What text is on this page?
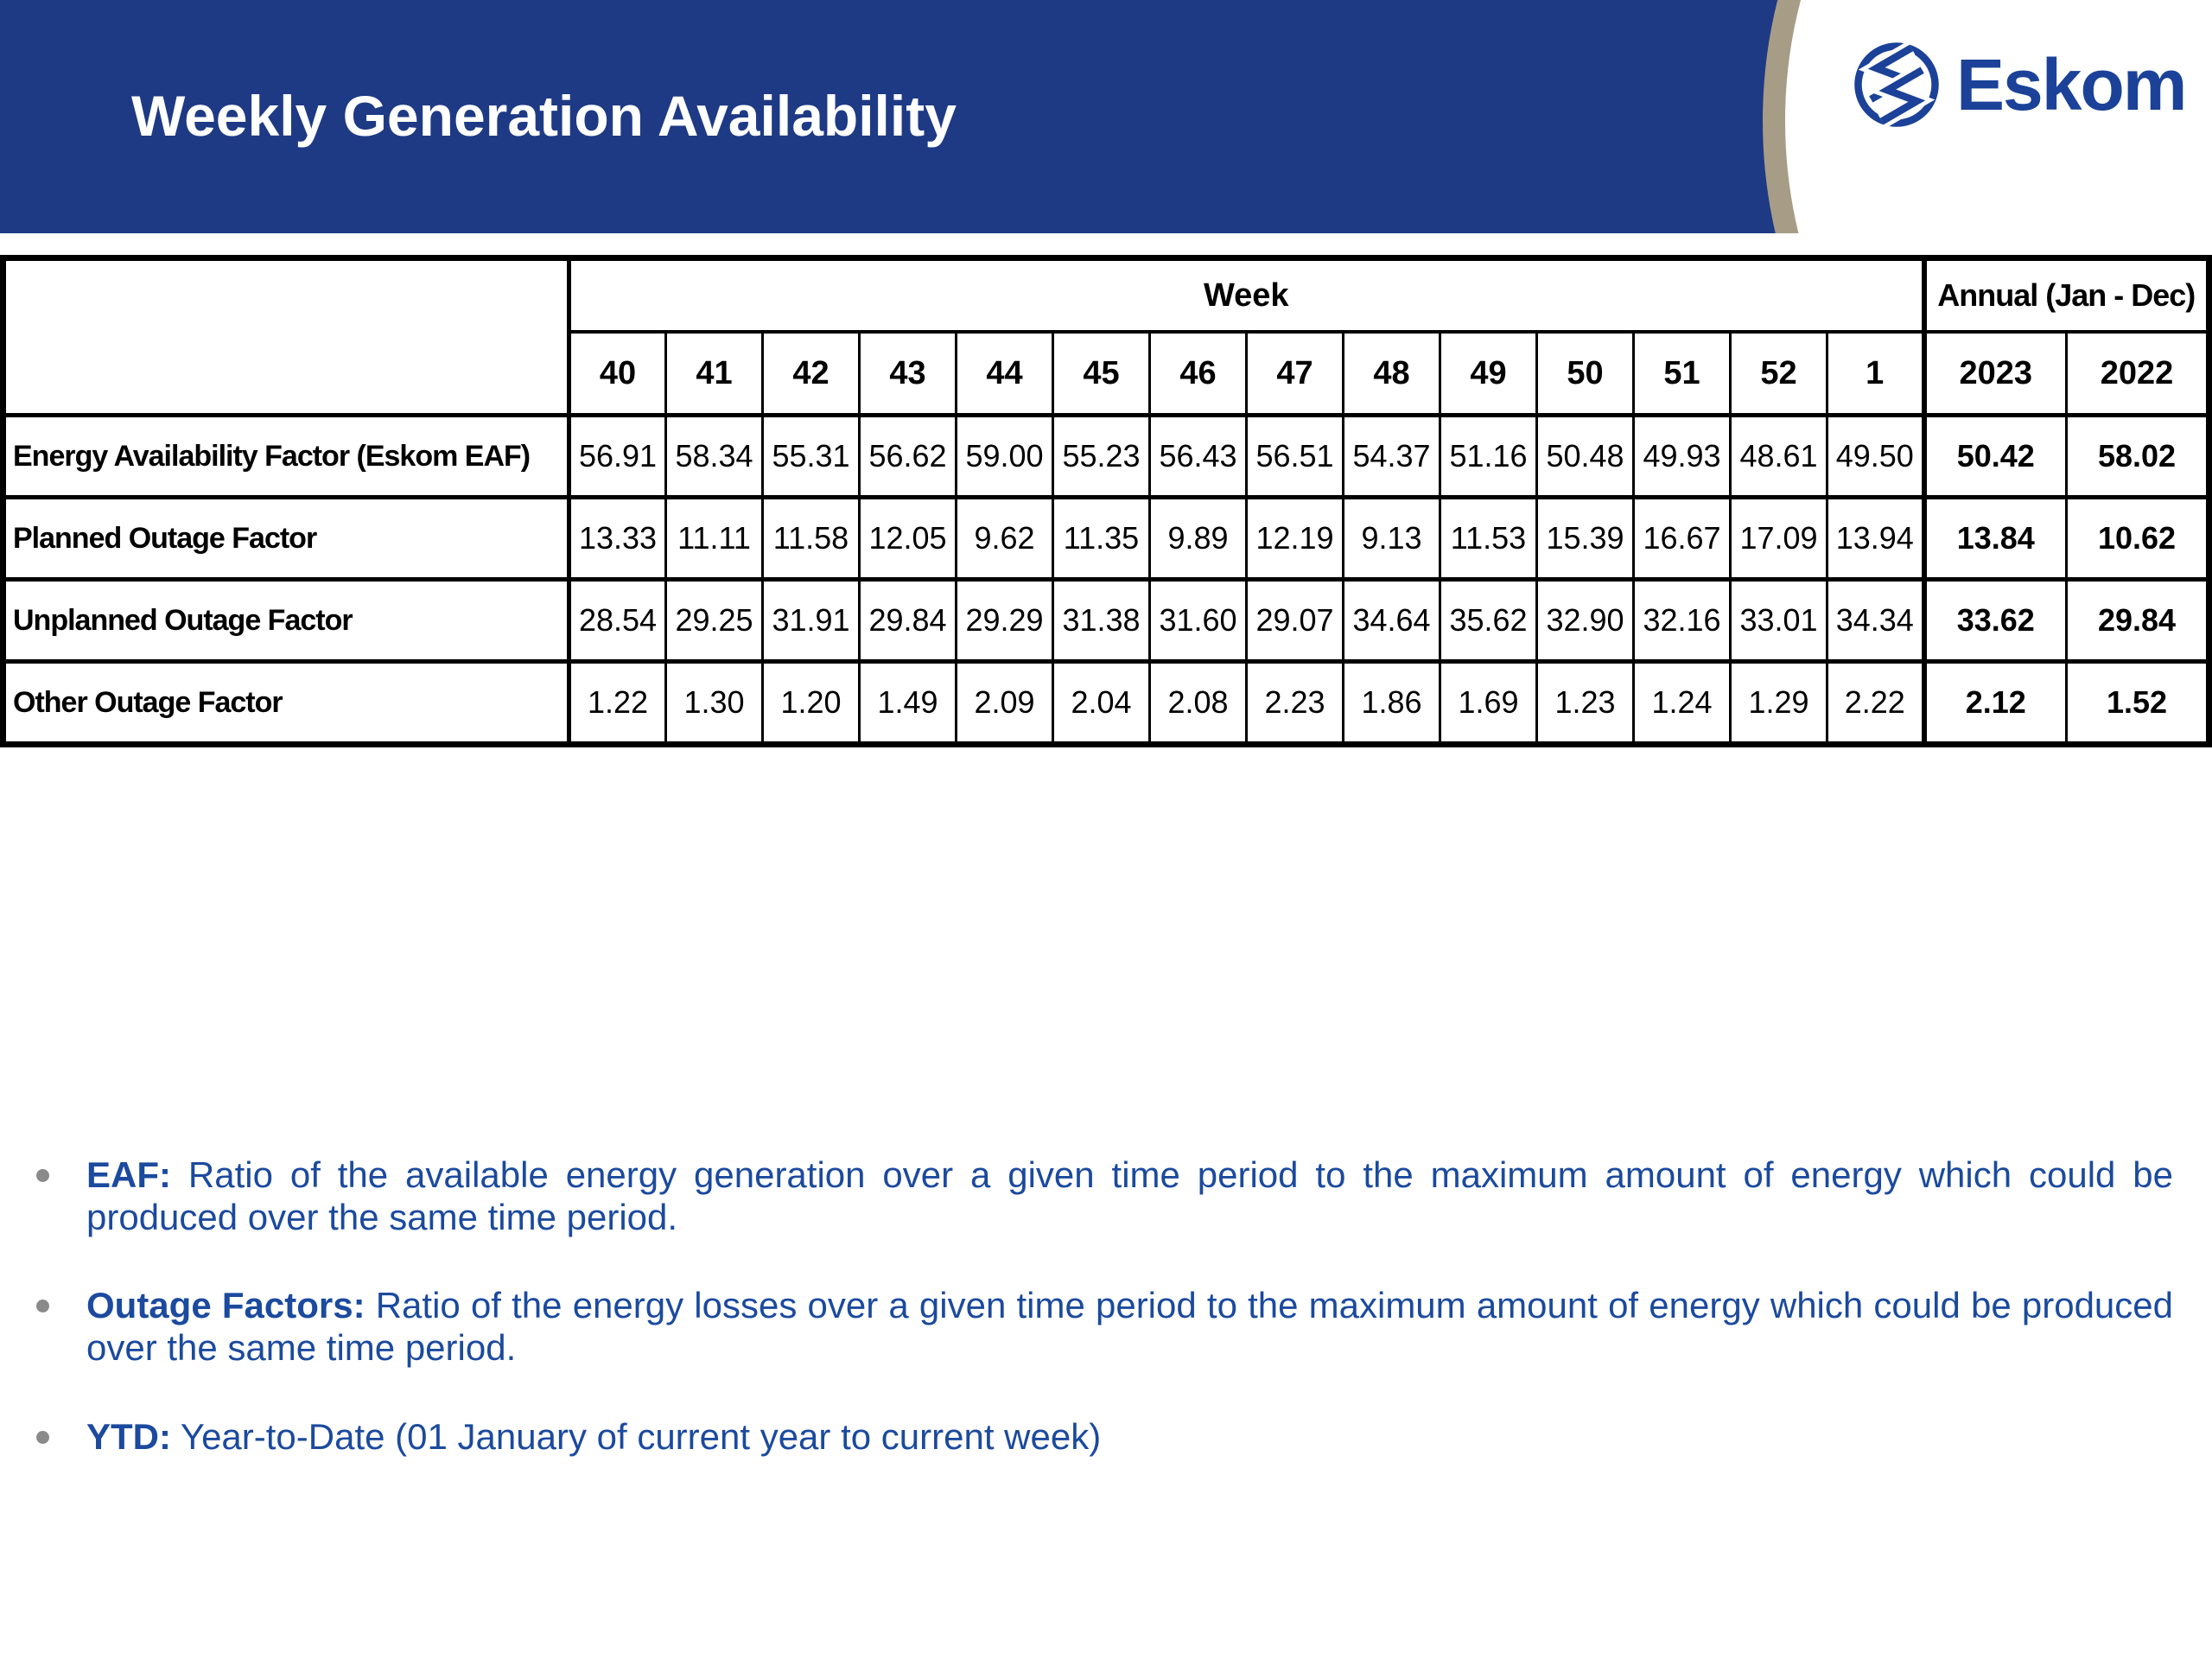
Weekly Generation Availability	Eskom
	Week														Annual (Jan - Dec)	
	40	41	42	43	44	45	46	47	48	49	50	51	52	1	2023	2022
Energy Availability Factor (Eskom EAF)	56.91	58.34	55.31	56.62	59.00	55.23	56.43	56.51	54.37	51.16	50.48	49.93	48.61	49.50	50.42	58.02
Planned Outage Factor	13.33	11.11	11.58	12.05	9.62	11.35	9.89	12.19	9.13	11.53	15.39	16.67	17.09	13.94	13.84	10.62
Unplanned Outage Factor	28.54	29.25	31.91	29.84	29.29	31.38	31.60	29.07	34.64	35.62	32.90	32.16	33.01	34.34	33.62	29.84
Other Outage Factor	1.22	1.30	1.20	1.49	2.09	2.04	2.08	2.23	1.86	1.69	1.23	1.24	1.29	2.22	2.12	1.52

EAF: Ratio of the available energy generation over a given time period to the maximum amount of energy which could be produced over the same time period.

Outage Factors: Ratio of the energy losses over a given time period to the maximum amount of energy which could be produced over the same time period.

YTD: Year-to-Date (01 January of current year to current week)
